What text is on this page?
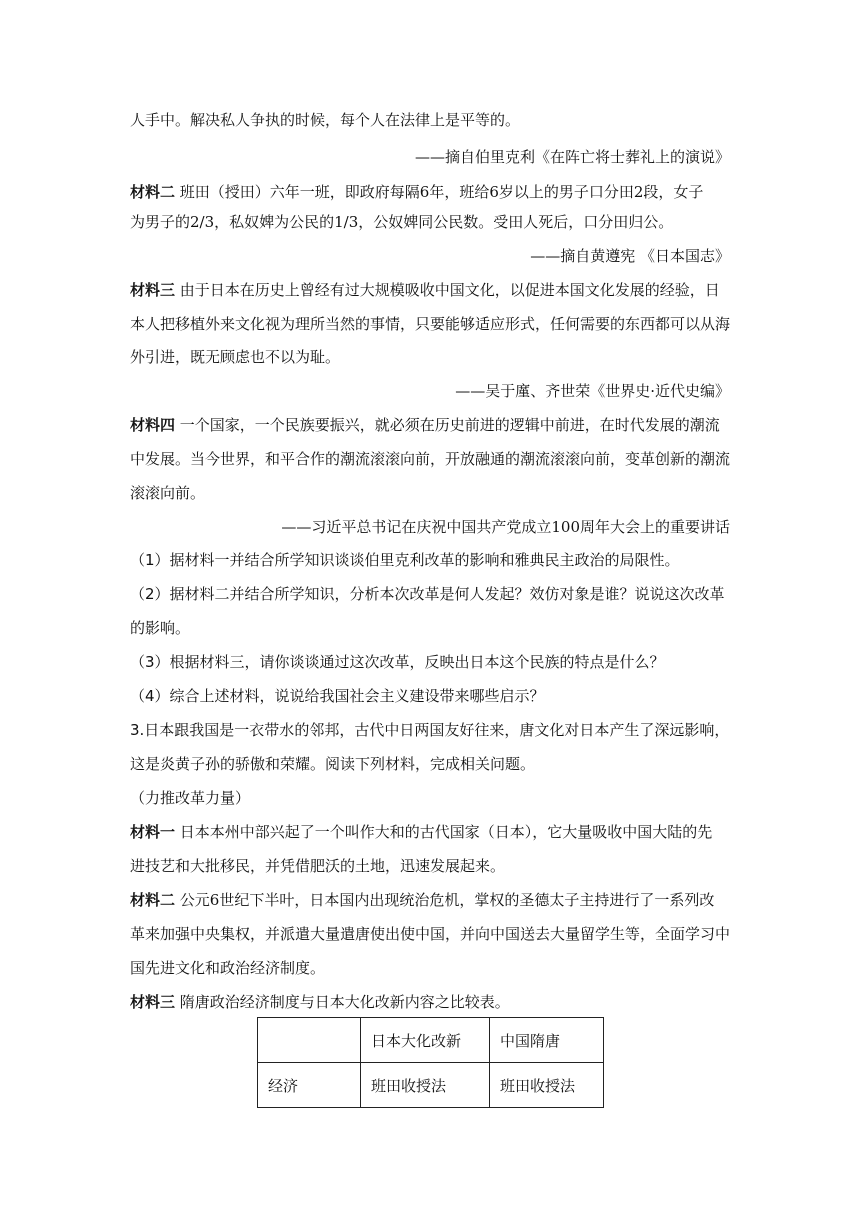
人手中。解决私人争执的时候，每个人在法律上是平等的。
——摘自伯里克利《在阵亡将士葬礼上的演说》
材料二 班田（授田）六年一班，即政府每隔6年，班给6岁以上的男子口分田2段，女子
为男子的2/3，私奴婢为公民的1/3，公奴婢同公民数。受田人死后，口分田归公。
——摘自黄遵宪 《日本国志》
材料三 由于日本在历史上曾经有过大规模吸收中国文化，以促进本国文化发展的经验，日
本人把移植外来文化视为理所当然的事情，只要能够适应形式，任何需要的东西都可以从海
外引进，既无顾虑也不以为耻。
——吴于廑、齐世荣《世界史·近代史编》
材料四 一个国家，一个民族要振兴，就必须在历史前进的逻辑中前进，在时代发展的潮流
中发展。当今世界，和平合作的潮流滚滚向前，开放融通的潮流滚滚向前，变革创新的潮流
滚滚向前。
——习近平总书记在庆祝中国共产党成立100周年大会上的重要讲话
（1）据材料一并结合所学知识谈谈伯里克利改革的影响和雅典民主政治的局限性。
（2）据材料二并结合所学知识，分析本次改革是何人发起？效仿对象是谁？说说这次改革
的影响。
（3）根据材料三，请你谈谈通过这次改革，反映出日本这个民族的特点是什么？
（4）综合上述材料，说说给我国社会主义建设带来哪些启示？
3.日本跟我国是一衣带水的邻邦，古代中日两国友好往来，唐文化对日本产生了深远影响，
这是炎黄子孙的骄傲和荣耀。阅读下列材料，完成相关问题。
（力推改革力量）
材料一 日本本州中部兴起了一个叫作大和的古代国家（日本），它大量吸收中国大陆的先
进技艺和大批移民，并凭借肥沃的土地，迅速发展起来。
材料二 公元6世纪下半叶，日本国内出现统治危机，掌权的圣德太子主持进行了一系列改
革来加强中央集权，并派遣大量遣唐使出使中国，并向中国送去大量留学生等，全面学习中
国先进文化和政治经济制度。
材料三 隋唐政治经济制度与日本大化改新内容之比较表。
	日本大化改新	中国隋唐
经济	班田收授法	班田收授法
